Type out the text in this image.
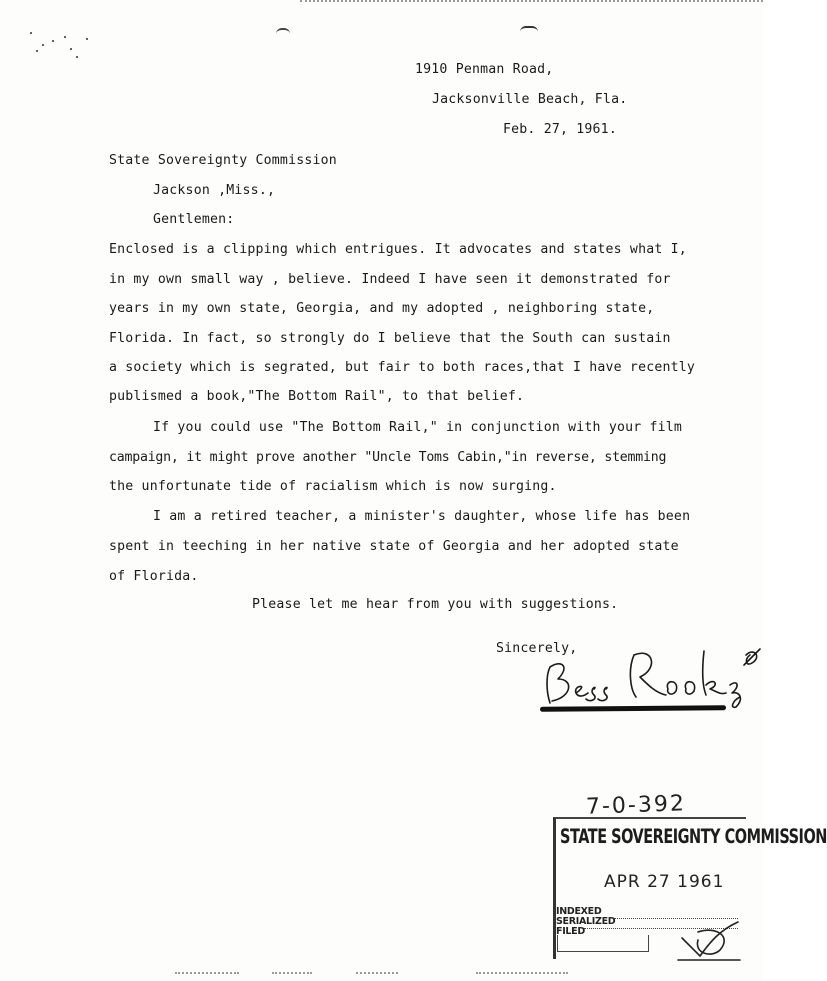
1910 Penman Road,
Jacksonville Beach, Fla.
Feb. 27, 1961.
State Sovereignty Commission
Jackson ,Miss.,
Gentlemen:
Enclosed is a clipping which entrigues. It advocates and states what I,
in my own small way , believe. Indeed I have seen it demonstrated for
years in my own state, Georgia, and my adopted , neighboring state,
Florida. In fact, so strongly do I believe that the South can sustain
a society which is segrated, but fair to both races,that I have recently
publismed a book,"The Bottom Rail", to that belief.
If you could use "The Bottom Rail," in conjunction with your film
campaign, it might prove another "Uncle Toms Cabin,"in reverse, stemming
the unfortunate tide of racialism which is now surging.
I am a retired teacher, a minister's daughter, whose life has been
spent in teeching in her native state of Georgia and her adopted state
of Florida.
Please let me hear from you with suggestions.
Sincerely,
7-0-392
STATE SOVEREIGNTY COMMISSION
APR 27 1961
INDEXED
SERIALIZED
FILED
